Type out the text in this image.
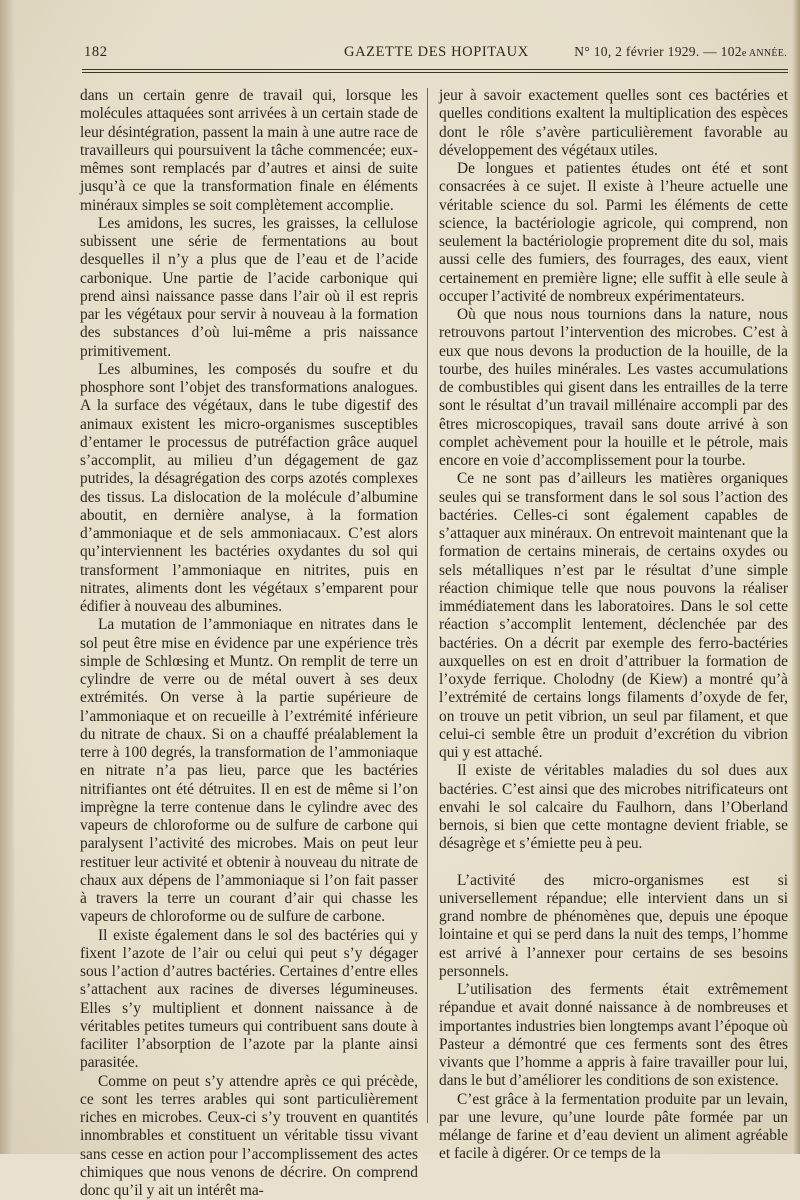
182	GAZETTE DES HOPITAUX	N° 10, 2 février 1929. — 102e ANNÉE.

dans un certain genre de travail qui, lorsque les molécules attaquées sont arrivées à un certain stade de leur désintégration, passent la main à une autre race de travailleurs qui poursuivent la tâche commencée; eux-mêmes sont remplacés par d’autres et ainsi de suite jusqu’à ce que la transformation finale en éléments minéraux simples se soit complètement accomplie.

Les amidons, les sucres, les graisses, la cellulose subissent une série de fermentations au bout desquelles il n’y a plus que de l’eau et de l’acide carbonique. Une partie de l’acide carbonique qui prend ainsi naissance passe dans l’air où il est repris par les végétaux pour servir à nouveau à la formation des substances d’où lui-même a pris naissance primitivement.

Les albumines, les composés du soufre et du phosphore sont l’objet des transformations analogues. A la surface des végétaux, dans le tube digestif des animaux existent les micro-organismes susceptibles d’entamer le processus de putréfaction grâce auquel s’accomplit, au milieu d’un dégagement de gaz putrides, la désagrégation des corps azotés complexes des tissus. La dislocation de la molécule d’albumine aboutit, en dernière analyse, à la formation d’ammoniaque et de sels ammoniacaux. C’est alors qu’interviennent les bactéries oxydantes du sol qui transforment l’ammoniaque en nitrites, puis en nitrates, aliments dont les végétaux s’emparent pour édifier à nouveau des albumines.

La mutation de l’ammoniaque en nitrates dans le sol peut être mise en évidence par une expérience très simple de Schlœsing et Muntz. On remplit de terre un cylindre de verre ou de métal ouvert à ses deux extrémités. On verse à la partie supérieure de l’ammoniaque et on recueille à l’extrémité inférieure du nitrate de chaux. Si on a chauffé préalablement la terre à 100 degrés, la transformation de l’ammoniaque en nitrate n’a pas lieu, parce que les bactéries nitrifiantes ont été détruites. Il en est de même si l’on imprègne la terre contenue dans le cylindre avec des vapeurs de chloroforme ou de sulfure de carbone qui paralysent l’activité des microbes. Mais on peut leur restituer leur activité et obtenir à nouveau du nitrate de chaux aux dépens de l’ammoniaque si l’on fait passer à travers la terre un courant d’air qui chasse les vapeurs de chloroforme ou de sulfure de carbone.

Il existe également dans le sol des bactéries qui y fixent l’azote de l’air ou celui qui peut s’y dégager sous l’action d’autres bactéries. Certaines d’entre elles s’attachent aux racines de diverses légumineuses. Elles s’y multiplient et donnent naissance à de véritables petites tumeurs qui contribuent sans doute à faciliter l’absorption de l’azote par la plante ainsi parasitée.

Comme on peut s’y attendre après ce qui précède, ce sont les terres arables qui sont particulièrement riches en microbes. Ceux-ci s’y trouvent en quantités innombrables et constituent un véritable tissu vivant sans cesse en action pour l’accomplissement des actes chimiques que nous venons de décrire. On comprend donc qu’il y ait un intérêt ma-

jeur à savoir exactement quelles sont ces bactéries et quelles conditions exaltent la multiplication des espèces dont le rôle s’avère particulièrement favorable au développement des végétaux utiles.

De longues et patientes études ont été et sont consacrées à ce sujet. Il existe à l’heure actuelle une véritable science du sol. Parmi les éléments de cette science, la bactériologie agricole, qui comprend, non seulement la bactériologie proprement dite du sol, mais aussi celle des fumiers, des fourrages, des eaux, vient certainement en première ligne; elle suffit à elle seule à occuper l’activité de nombreux expérimentateurs.

Où que nous nous tournions dans la nature, nous retrouvons partout l’intervention des microbes. C’est à eux que nous devons la production de la houille, de la tourbe, des huiles minérales. Les vastes accumulations de combustibles qui gisent dans les entrailles de la terre sont le résultat d’un travail millénaire accompli par des êtres microscopiques, travail sans doute arrivé à son complet achèvement pour la houille et le pétrole, mais encore en voie d’accomplissement pour la tourbe.

Ce ne sont pas d’ailleurs les matières organiques seules qui se transforment dans le sol sous l’action des bactéries. Celles-ci sont également capables de s’attaquer aux minéraux. On entrevoit maintenant que la formation de certains minerais, de certains oxydes ou sels métalliques n’est par le résultat d’une simple réaction chimique telle que nous pouvons la réaliser immédiatement dans les laboratoires. Dans le sol cette réaction s’accomplit lentement, déclenchée par des bactéries. On a décrit par exemple des ferro-bactéries auxquelles on est en droit d’attribuer la formation de l’oxyde ferrique. Cholodny (de Kiew) a montré qu’à l’extrémité de certains longs filaments d’oxyde de fer, on trouve un petit vibrion, un seul par filament, et que celui-ci semble être un produit d’excrétion du vibrion qui y est attaché.

Il existe de véritables maladies du sol dues aux bactéries. C’est ainsi que des microbes nitrificateurs ont envahi le sol calcaire du Faulhorn, dans l’Oberland bernois, si bien que cette montagne devient friable, se désagrège et s’émiette peu à peu.

L’activité des micro-organismes est si universellement répandue; elle intervient dans un si grand nombre de phénomènes que, depuis une époque lointaine et qui se perd dans la nuit des temps, l’homme est arrivé à l’annexer pour certains de ses besoins personnels.

L’utilisation des ferments était extrêmement répandue et avait donné naissance à de nombreuses et importantes industries bien longtemps avant l’époque où Pasteur a démontré que ces ferments sont des êtres vivants que l’homme a appris à faire travailler pour lui, dans le but d’améliorer les conditions de son existence.

C’est grâce à la fermentation produite par un levain, par une levure, qu’une lourde pâte formée par un mélange de farine et d’eau devient un aliment agréable et facile à digérer. Or ce temps de la
